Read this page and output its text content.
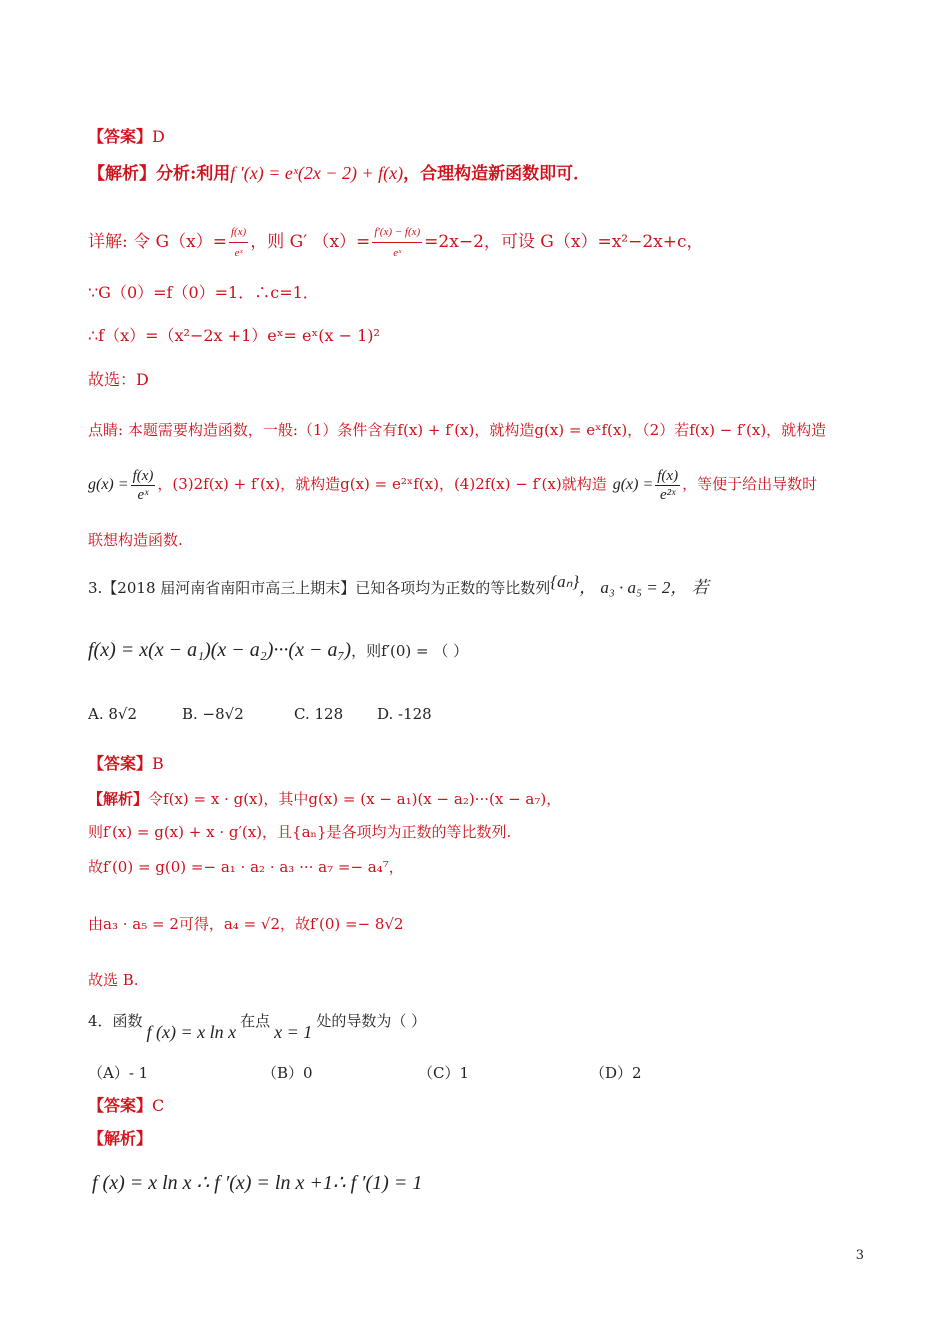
【答案】D
【解析】分析:利用f ′(x) = eˣ(2x − 2) + f(x)，合理构造新函数即可．
详解: 令 $G(x)= \frac{f(x)}{\text{eˣ}}$ ，则 G′ $(x)= \frac{f'(x) - f(x)}{\text{eˣ}} =2x-2$，可设 G（x）=x²−2x+c，
∵G（0）=f（0）=1．∴c=1．
∴f（x）=（x²−2x +1）eˣ= eˣ(x − 1)²
故选：D
点睛: 本题需要构造函数，一般:（1）条件含有f(x) + f′(x)，就构造g(x) = eˣf(x)，（2）若f(x) − f′(x)，就构造
$g(x) = \frac{f(x)}{\text{eˣ}}$ ，(3)2f(x) + f′(x)，就构造g(x) = e²ˣf(x)，(4)2f(x) − f′(x)就构造 $g(x) = \frac{f(x)}{\text{e²ˣ}}$ ，等便于给出导数时
联想构造函数.
3.【2018 届河南省南阳市高三上期末】已知各项均为正数的等比数列{aₙ}， a₃ · a₅ = 2， 若
f(x) = x(x − a₁)(x − a₂)···(x − a₇)，则f′(0) = （ ）
A. 8√2	B. −8√2	C. 128 D. -128
【答案】B
【解析】令f(x) = x · g(x)，其中g(x) = (x − a₁)(x − a₂)···(x − a₇)，
则f′(x) = g(x) + x · g′(x)，且{aₙ}是各项均为正数的等比数列.
故f′(0) = g(0) =− a₁ · a₂ · a₃ ··· a₇ =− a₄⁷，
由a₃ · a₅ = 2可得，a₄ = √2，故f′(0) =− 8√2
故选 B.
4．函数f (x) = x ln x在点x = 1处的导数为（ ）
（A）- 1	（B）0	（C）1	（D）2
【答案】C
【解析】
f (x) = x ln x ∴ f ′(x) = ln x +1∴ f ′(1) = 1
3
